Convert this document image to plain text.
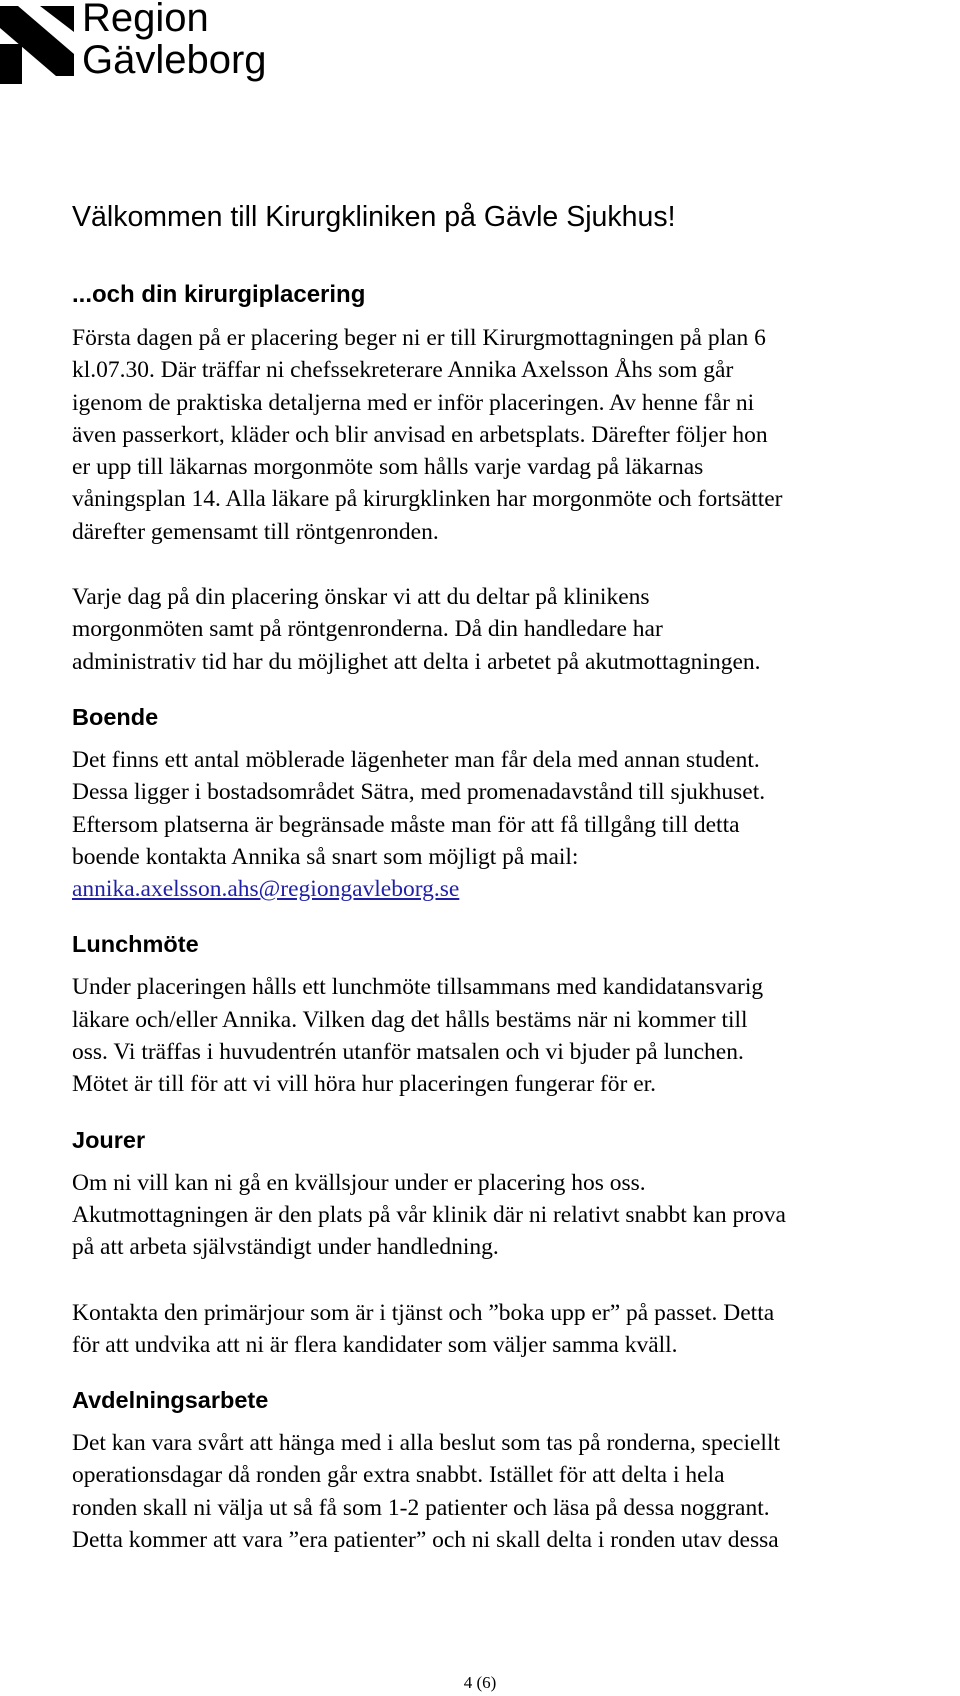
Region
Gävleborg
Välkommen till Kirurgkliniken på Gävle Sjukhus!
...och din kirurgiplacering

Första dagen på er placering beger ni er till Kirurgmottagningen på plan 6
kl.07.30. Där träffar ni chefssekreterare Annika Axelsson Åhs som går
igenom de praktiska detaljerna med er inför placeringen. Av henne får ni
även passerkort, kläder och blir anvisad en arbetsplats. Därefter följer hon
er upp till läkarnas morgonmöte som hålls varje vardag på läkarnas
våningsplan 14. Alla läkare på kirurgklinken har morgonmöte och fortsätter
därefter gemensamt till röntgenronden.

Varje dag på din placering önskar vi att du deltar på klinikens
morgonmöten samt på röntgenronderna. Då din handledare har
administrativ tid har du möjlighet att delta i arbetet på akutmottagningen.

Boende

Det finns ett antal möblerade lägenheter man får dela med annan student.
Dessa ligger i bostadsområdet Sätra, med promenadavstånd till sjukhuset.
Eftersom platserna är begränsade måste man för att få tillgång till detta
boende kontakta Annika så snart som möjligt på mail:
annika.axelsson.ahs@regiongavleborg.se

Lunchmöte

Under placeringen hålls ett lunchmöte tillsammans med kandidatansvarig
läkare och/eller Annika. Vilken dag det hålls bestäms när ni kommer till
oss. Vi träffas i huvudentrén utanför matsalen och vi bjuder på lunchen.
Mötet är till för att vi vill höra hur placeringen fungerar för er.

Jourer

Om ni vill kan ni gå en kvällsjour under er placering hos oss.
Akutmottagningen är den plats på vår klinik där ni relativt snabbt kan prova
på att arbeta självständigt under handledning.

Kontakta den primärjour som är i tjänst och ”boka upp er” på passet. Detta
för att undvika att ni är flera kandidater som väljer samma kväll.

Avdelningsarbete

Det kan vara svårt att hänga med i alla beslut som tas på ronderna, speciellt
operationsdagar då ronden går extra snabbt. Istället för att delta i hela
ronden skall ni välja ut så få som 1-2 patienter och läsa på dessa noggrant.
Detta kommer att vara ”era patienter” och ni skall delta i ronden utav dessa

4 (6)
